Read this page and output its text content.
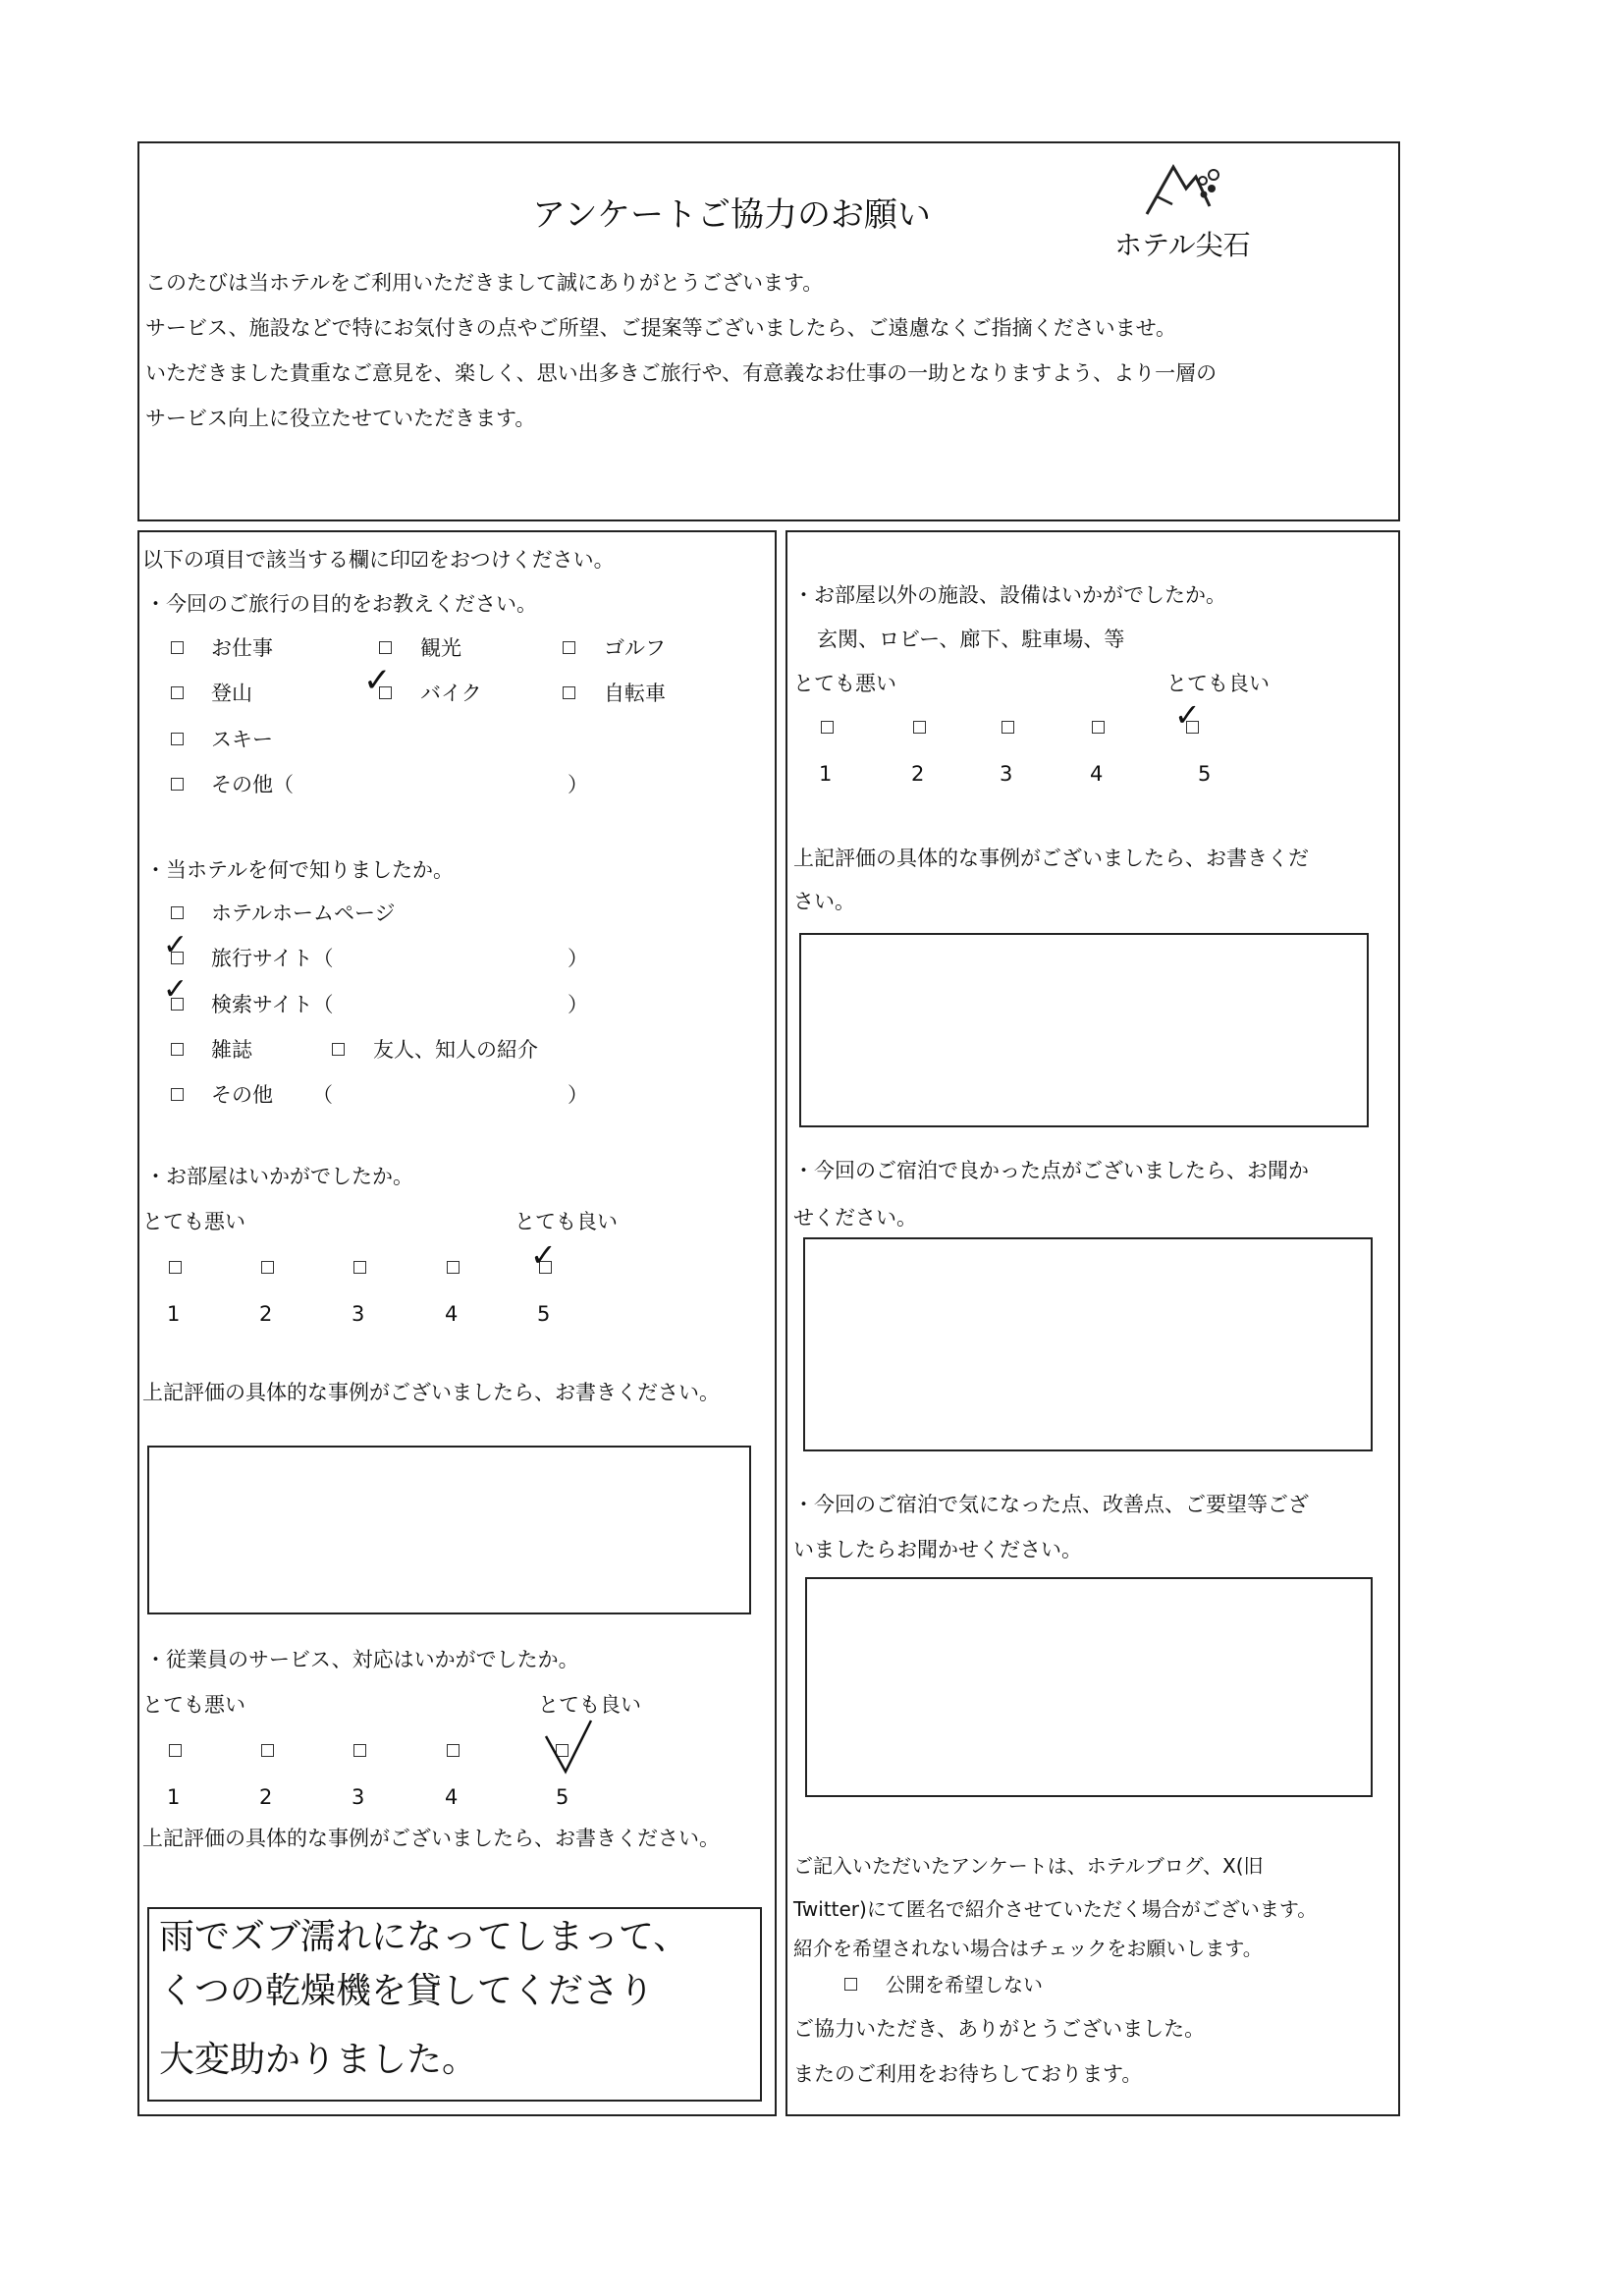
アンケートご協力のお願い
ホテル尖石
このたびは当ホテルをご利用いただきまして誠にありがとうございます。
サービス、施設などで特にお気付きの点やご所望、ご提案等ございましたら、ご遠慮なくご指摘くださいませ。
いただきました貴重なご意見を、楽しく、思い出多きご旅行や、有意義なお仕事の一助となりますよう、より一層の
サービス向上に役立たせていただきます。
以下の項目で該当する欄に印☑をおつけください。
・今回のご旅行の目的をお教えください。
お仕事	観光	ゴルフ
登山	✓ バイク	自転車
スキー
その他（	）
・当ホテルを何で知りましたか。
ホテルホームページ
✓ 旅行サイト（	）
✓ 検索サイト（	）
雑誌	友人、知人の紹介
その他 （	）
・お部屋はいかがでしたか。
とても悪い	とても良い
✓
1	2	3	4	5
上記評価の具体的な事例がございましたら、お書きください。
・従業員のサービス、対応はいかがでしたか。
とても悪い	とても良い
1	2	3	4	5
上記評価の具体的な事例がございましたら、お書きください。
雨でズブ濡れになってしまって、
くつの乾燥機を貸してくださり
大変助かりました。
・お部屋以外の施設、設備はいかがでしたか。
玄関、ロビー、廊下、駐車場、等
とても悪い	とても良い
✓
1	2	3	4	5
上記評価の具体的な事例がございましたら、お書きくだ
さい。
・今回のご宿泊で良かった点がございましたら、お聞か
せください。
・今回のご宿泊で気になった点、改善点、ご要望等ござ
いましたらお聞かせください。
ご記入いただいたアンケートは、ホテルブログ、X(旧
Twitter)にて匿名で紹介させていただく場合がございます。
紹介を希望されない場合はチェックをお願いします。
公開を希望しない
ご協力いただき、ありがとうございました。
またのご利用をお待ちしております。
